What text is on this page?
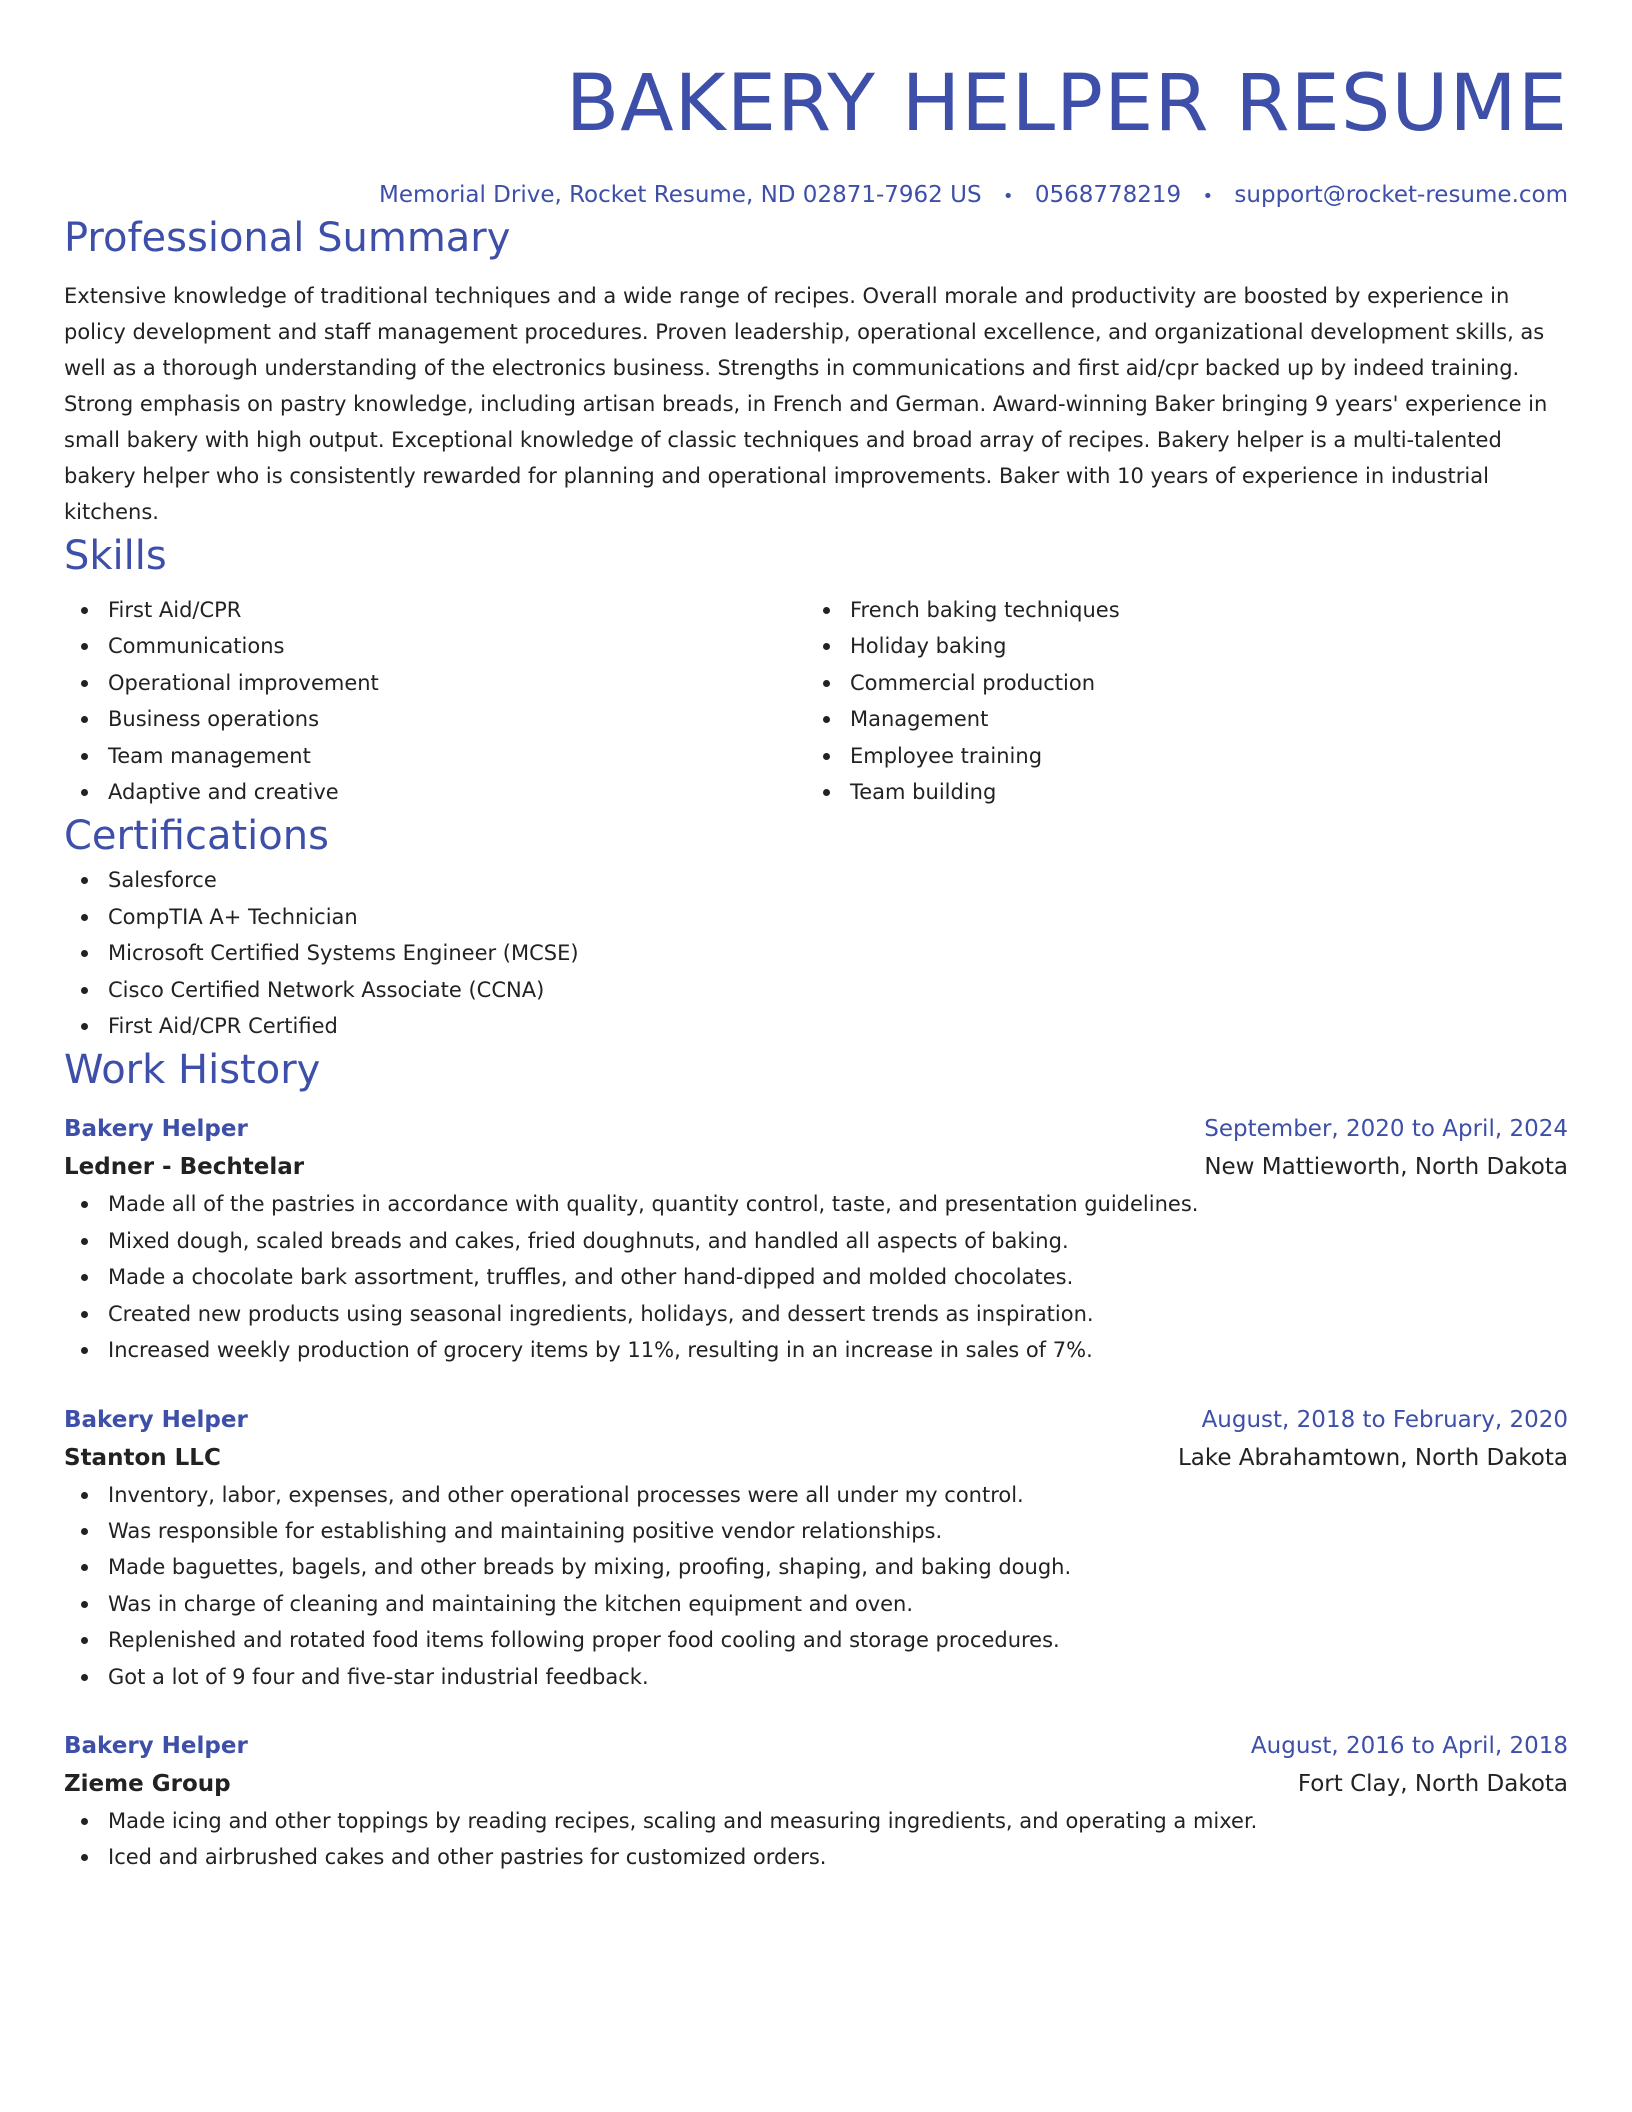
BAKERY HELPER RESUME
Memorial Drive, Rocket Resume, ND 02871-7962 US • 0568778219 • support@rocket-resume.com
Professional Summary
Extensive knowledge of traditional techniques and a wide range of recipes. Overall morale and productivity are boosted by experience in policy development and staff management procedures. Proven leadership, operational excellence, and organizational development skills, as well as a thorough understanding of the electronics business. Strengths in communications and first aid/cpr backed up by indeed training. Strong emphasis on pastry knowledge, including artisan breads, in French and German. Award-winning Baker bringing 9 years' experience in small bakery with high output. Exceptional knowledge of classic techniques and broad array of recipes. Bakery helper is a multi-talented bakery helper who is consistently rewarded for planning and operational improvements. Baker with 10 years of experience in industrial kitchens.
Skills
First Aid/CPR
Communications
Operational improvement
Business operations
Team management
Adaptive and creative
French baking techniques
Holiday baking
Commercial production
Management
Employee training
Team building
Certifications
Salesforce
CompTIA A+ Technician
Microsoft Certified Systems Engineer (MCSE)
Cisco Certified Network Associate (CCNA)
First Aid/CPR Certified
Work History
Bakery Helper	September, 2020 to April, 2024
Ledner - Bechtelar	New Mattieworth, North Dakota
Made all of the pastries in accordance with quality, quantity control, taste, and presentation guidelines.
Mixed dough, scaled breads and cakes, fried doughnuts, and handled all aspects of baking.
Made a chocolate bark assortment, truffles, and other hand-dipped and molded chocolates.
Created new products using seasonal ingredients, holidays, and dessert trends as inspiration.
Increased weekly production of grocery items by 11%, resulting in an increase in sales of 7%.
Bakery Helper	August, 2018 to February, 2020
Stanton LLC	Lake Abrahamtown, North Dakota
Inventory, labor, expenses, and other operational processes were all under my control.
Was responsible for establishing and maintaining positive vendor relationships.
Made baguettes, bagels, and other breads by mixing, proofing, shaping, and baking dough.
Was in charge of cleaning and maintaining the kitchen equipment and oven.
Replenished and rotated food items following proper food cooling and storage procedures.
Got a lot of 9 four and five-star industrial feedback.
Bakery Helper	August, 2016 to April, 2018
Zieme Group	Fort Clay, North Dakota
Made icing and other toppings by reading recipes, scaling and measuring ingredients, and operating a mixer.
Iced and airbrushed cakes and other pastries for customized orders.
